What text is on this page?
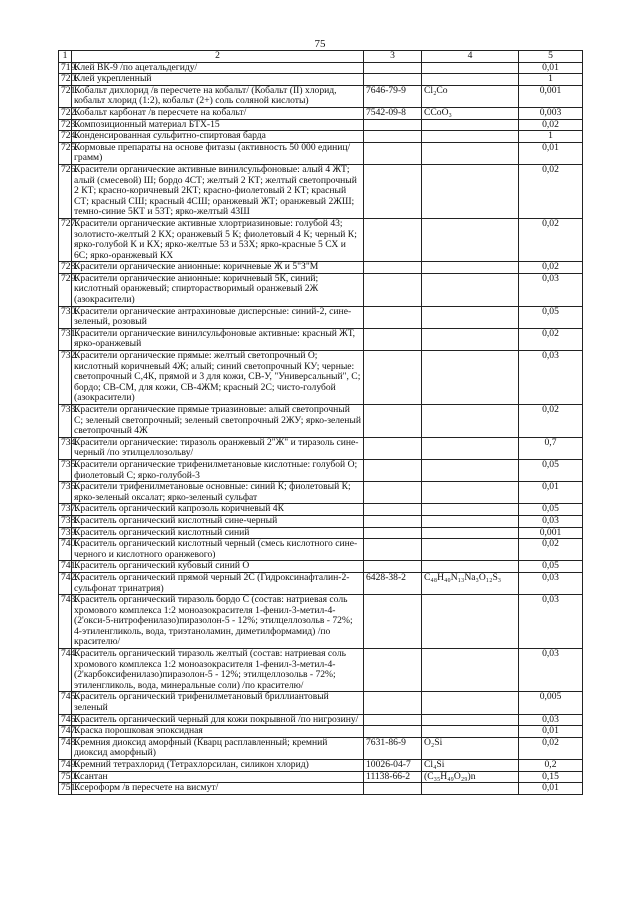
75
1	2	3	4	5
719.	Клей ВК-9 /по ацетальдегиду/			0,01
720.	Клей укрепленный			1
721.	Кобальт дихлорид /в пересчете на кобальт/ (Кобальт (II) хлорид, кобальт хлорид (1:2), кобальт (2+) соль соляной кислоты)	7646-79-9	Cl₂Co	0,001
722.	Кобальт карбонат /в пересчете на кобальт/	7542-09-8	CCoO₃	0,003
723.	Композиционный материал БТХ-15			0,02
724.	Конденсированная сульфитно-спиртовая барда			1
725.	Кормовые препараты на основе фитазы (активность 50 000 единиц/грамм)			0,01
726.	Красители органические активные винилсульфоновые: алый 4 ЖТ; алый (смесевой) Ш; бордо 4СТ; желтый 2 КТ; желтый светопрочный 2 КТ; красно-коричневый 2КТ; красно-фиолетовый 2 КТ; красный СТ; красный СШ; красный 4СШ; оранжевый ЖТ; оранжевый 2ЖШ; темно-синие 5КТ и 53Т; ярко-желтый 43Ш			0,02
727.	Красители органические активные хлортриазиновые: голубой 43; золотисто-желтый 2 КХ; оранжевый 5 К; фиолетовый 4 К; черный К; ярко-голубой К и КХ; ярко-желтые 53 и 53Х; ярко-красные 5 СХ и 6С; ярко-оранжевый КХ			0,02
728.	Красители органические анионные: коричневые Ж и 5"З"М			0,02
729.	Красители органические анионные: коричневый 5К, синий; кислотный оранжевый; спирторастворимый оранжевый 2Ж (азокрасители)			0,03
730.	Красители органические антрахиновые дисперсные: синий-2, сине-зеленый, розовый			0,05
731.	Красители органические винилсульфоновые активные: красный ЖТ, ярко-оранжевый			0,02
732.	Красители органические прямые: желтый светопрочный О; кислотный коричневый 4Ж; алый; синий светопрочный КУ; черные: светопрочный С,4К, прямой и 3 для кожи, СВ-У, "Универсальный", С; бордо; СВ-СМ, для кожи, СВ-4ЖМ; красный 2С; чисто-голубой (азокрасители)			0,03
733.	Красители органические прямые триазиновые: алый светопрочный С; зеленый светопрочный; зеленый светопрочный 2ЖУ; ярко-зеленый светопрочный 4Ж			0,02
734.	Красители органические: тиразоль оранжевый 2"Ж" и тиразоль сине-черный /по этилцеллозольву/			0,7
735.	Красители органические трифенилметановые кислотные: голубой О; фиолетовый С; ярко-голубой-3			0,05
736.	Красители трифенилметановые основные: синий К; фиолетовый К; ярко-зеленый оксалат; ярко-зеленый сульфат			0,01
737.	Краситель органический капрозоль коричневый 4К			0,05
738.	Краситель органический кислотный сине-черный			0,03
739.	Краситель органический кислотный синий			0,001
740.	Краситель органический кислотный черный (смесь кислотного сине-черного и кислотного оранжевого)			0,02
741.	Краситель органический кубовый синий О			0,05
742.	Краситель органический прямой черный 2С (Гидроксинафталин-2-сульфонат тринатрия)	6428-38-2	C₄₈H₄₀N₁₃Na₃O₁₂S₃	0,03
743.	Краситель органический тиразоль бордо С (состав: натриевая соль хромового комплекса 1:2 моноазокрасителя 1-фенил-3-метил-4-(2'окси-5-нитрофенилазо)пиразолон-5 - 12%; этилцеллозольв - 72%; 4-этиленгликоль, вода, триэтаноламин, диметилформамид) /по красителю/			0,03
744.	Краситель органический тиразоль желтый (состав: натриевая соль хромового комплекса 1:2 моноазокрасителя 1-фенил-3-метил-4-(2'карбоксифенилазо)пиразолон-5 - 12%; этилцеллозольв - 72%; этиленгликоль, вода, минеральные соли) /по красителю/			0,03
745.	Краситель органический трифенилметановый бриллиантовый зеленый			0,005
746.	Краситель органический черный для кожи покрывной /по нигрозину/			0,03
747.	Краска порошковая эпоксидная			0,01
748.	Кремния диоксид аморфный (Кварц расплавленный; кремний диоксид аморфный)	7631-86-9	O₂Si	0,02
749.	Кремний тетрахлорид (Тетрахлорсилан, силикон хлорид)	10026-04-7	Cl₄Si	0,2
750.	Ксантан	11138-66-2	(C₃₅H₄₉O₂₉)n	0,15
751.	Ксероформ /в пересчете на висмут/			0,01
